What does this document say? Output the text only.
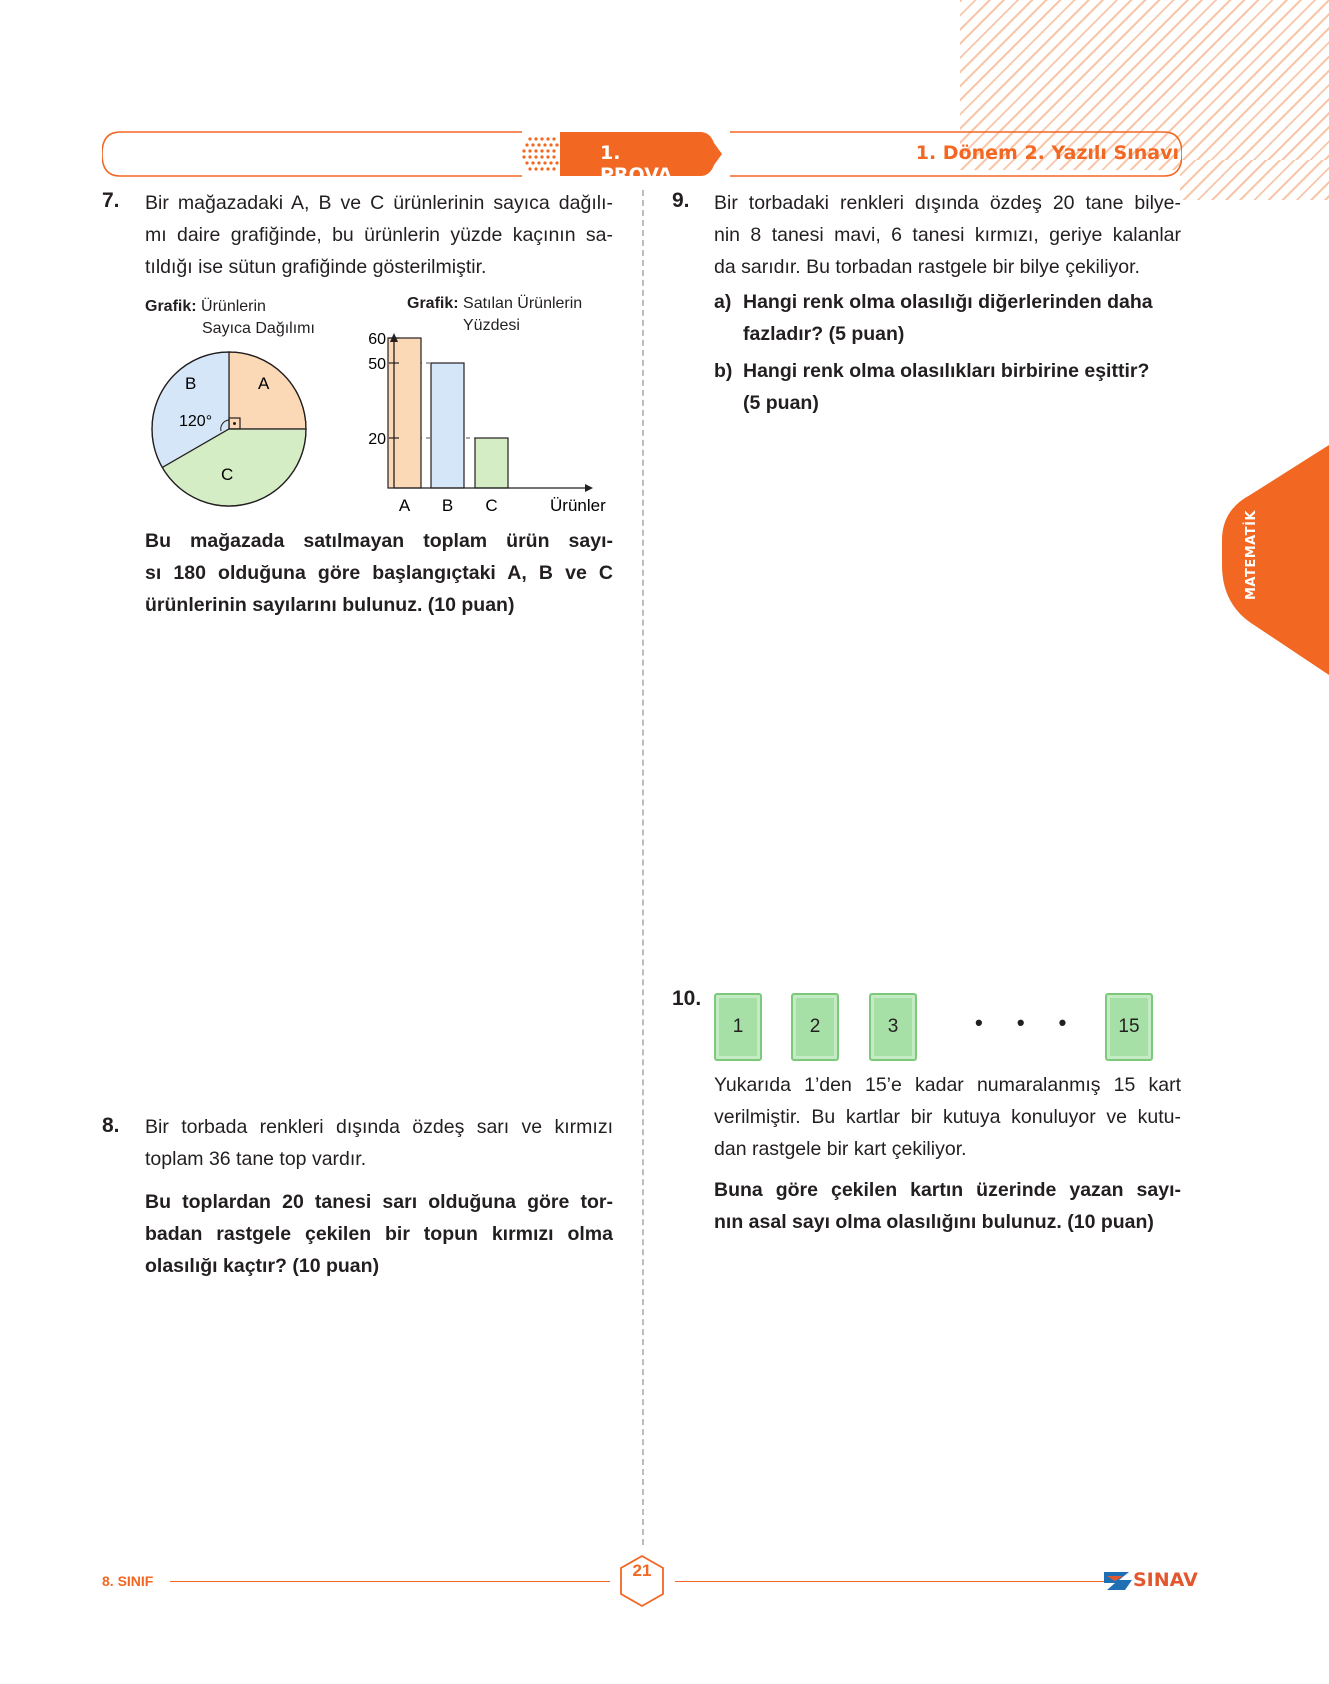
1. PROVA
1. Dönem 2. Yazılı Sınavı
7. Bir mağazadaki A, B ve C ürünlerinin sayıca dağılı-
mı daire grafiğinde, bu ürünlerin yüzde kaçının sa-
tıldığı ise sütun grafiğinde gösterilmiştir.
Grafik: Ürünlerin
Sayıca Dağılımı
B	A
C
120°
Grafik: Satılan Ürünlerin
Yüzdesi
20
50
60
A B C	Ürünler
Bu mağazada satılmayan toplam ürün sayı-
sı 180 olduğuna göre başlangıçtaki A, B ve C
ürünlerinin sayılarını bulunuz. (10 puan)
8. Bir torbada renkleri dışında özdeş sarı ve kırmızı
toplam 36 tane top vardır.
Bu toplardan 20 tanesi sarı olduğuna göre tor-
badan rastgele çekilen bir topun kırmızı olma
olasılığı kaçtır? (10 puan)
9. Bir torbadaki renkleri dışında özdeş 20 tane bilye-
nin 8 tanesi mavi, 6 tanesi kırmızı, geriye kalanlar
da sarıdır. Bu torbadan rastgele bir bilye çekiliyor.
a) Hangi renk olma olasılığı diğerlerinden daha
fazladır? (5 puan)
b) Hangi renk olma olasılıkları birbirine eşittir?
(5 puan)
10.
1	2	3	• • •	15
Yukarıda 1’den 15’e kadar numaralanmış 15 kart
verilmiştir. Bu kartlar bir kutuya konuluyor ve kutu-
dan rastgele bir kart çekiliyor.
Buna göre çekilen kartın üzerinde yazan sayı-
nın asal sayı olma olasılığını bulunuz. (10 puan)
MATEMATİK
8. SINIF
21	SINAV
